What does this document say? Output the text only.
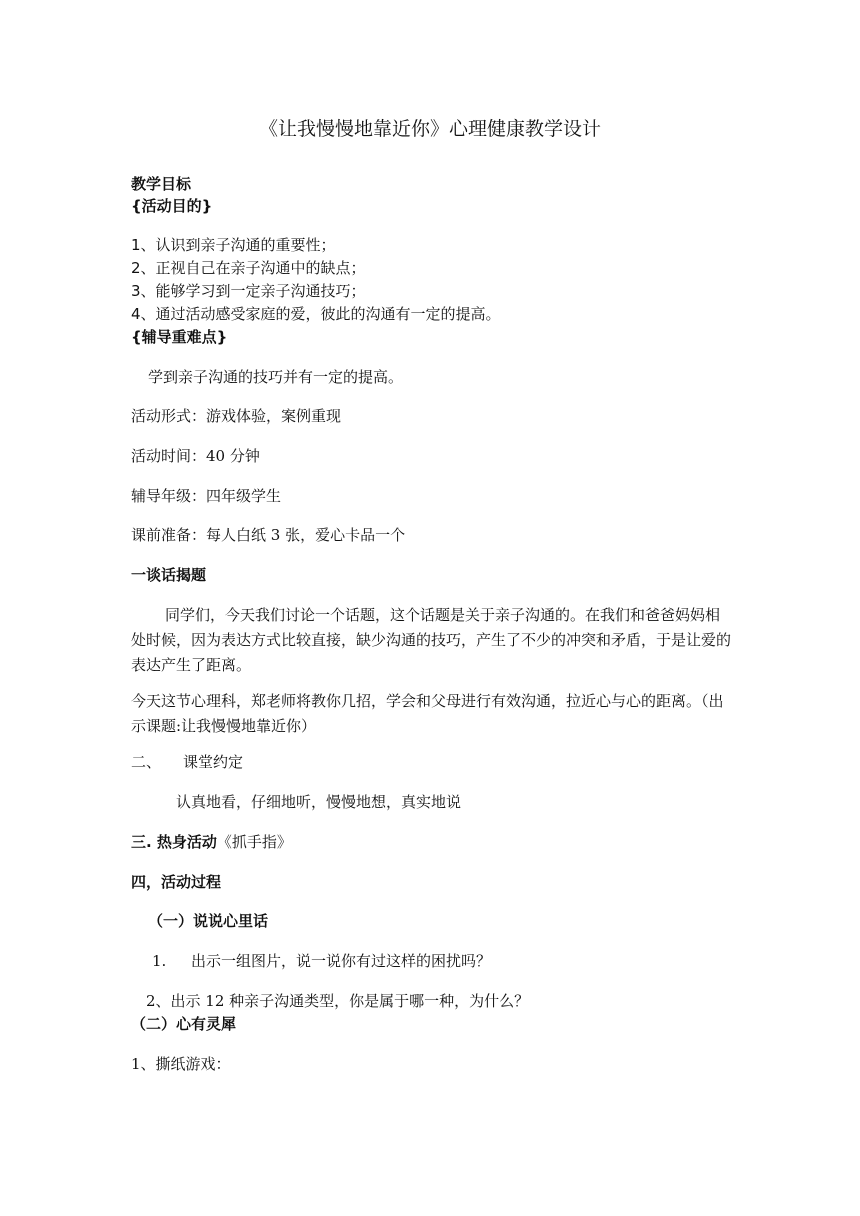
《让我慢慢地靠近你》心理健康教学设计
教学目标
{活动目的}
1、认识到亲子沟通的重要性；
2、正视自己在亲子沟通中的缺点；
3、能够学习到一定亲子沟通技巧；
4、通过活动感受家庭的爱，彼此的沟通有一定的提高。
{辅导重难点}
学到亲子沟通的技巧并有一定的提高。
活动形式：游戏体验，案例重现
活动时间：40 分钟
辅导年级：四年级学生
课前准备：每人白纸 3 张，爱心卡品一个
一谈话揭题
同学们，今天我们讨论一个话题，这个话题是关于亲子沟通的。在我们和爸爸妈妈相处时候，因为表达方式比较直接，缺少沟通的技巧，产生了不少的冲突和矛盾，于是让爱的表达产生了距离。
今天这节心理科，郑老师将教你几招，学会和父母进行有效沟通，拉近心与心的距离。（出示课题:让我慢慢地靠近你）
二、 课堂约定
认真地看，仔细地听，慢慢地想，真实地说
三. 热身活动《抓手指》
四，活动过程
（一）说说心里话
1. 出示一组图片，说一说你有过这样的困扰吗？
2、出示 12 种亲子沟通类型，你是属于哪一种，为什么？
（二）心有灵犀
1、撕纸游戏：
